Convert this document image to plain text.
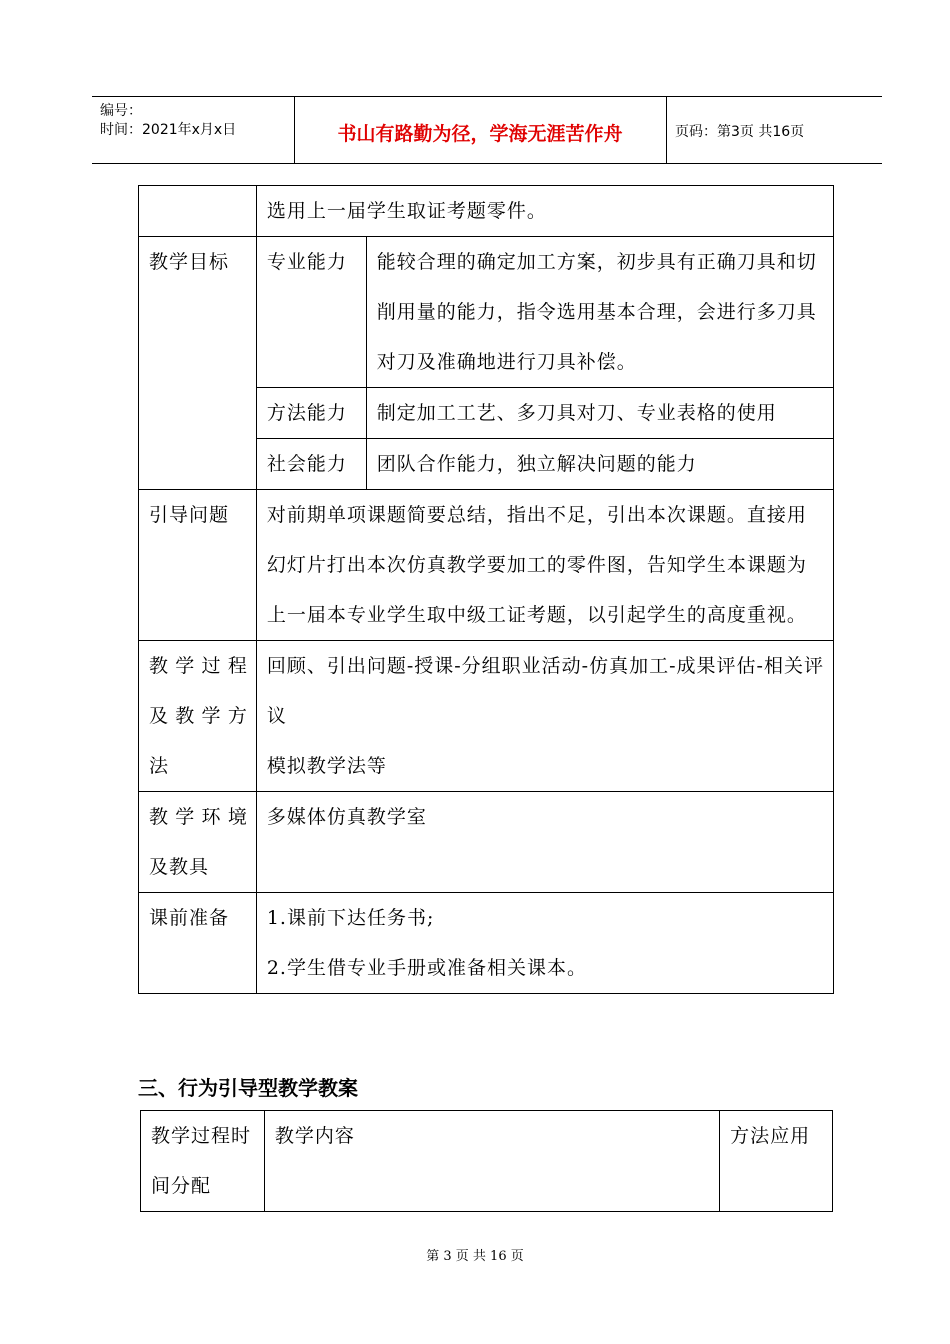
编号：
时间：2021年x月x日	书山有路勤为径，学海无涯苦作舟	页码：第3页 共16页
	选用上一届学生取证考题零件。	
教学目标	专业能力	能较合理的确定加工方案，初步具有正确刀具和切削用量的能力，指令选用基本合理，会进行多刀具对刀及准确地进行刀具补偿。
	方法能力	制定加工工艺、多刀具对刀、专业表格的使用
	社会能力	团队合作能力，独立解决问题的能力
引导问题	对前期单项课题简要总结，指出不足，引出本次课题。直接用幻灯片打出本次仿真教学要加工的零件图，告知学生本课题为上一届本专业学生取中级工证考题，以引起学生的高度重视。	
教学过程及教学方法	回顾、引出问题-授课-分组职业活动-仿真加工-成果评估-相关评议
模拟教学法等	

教学环境及教具	多媒体仿真教学室	
课前准备	1.课前下达任务书;
2.学生借专业手册或准备相关课本。	
三、行为引导型教学教案
教学过程时间分配	教学内容	方法应用
第 3 页 共 16 页
